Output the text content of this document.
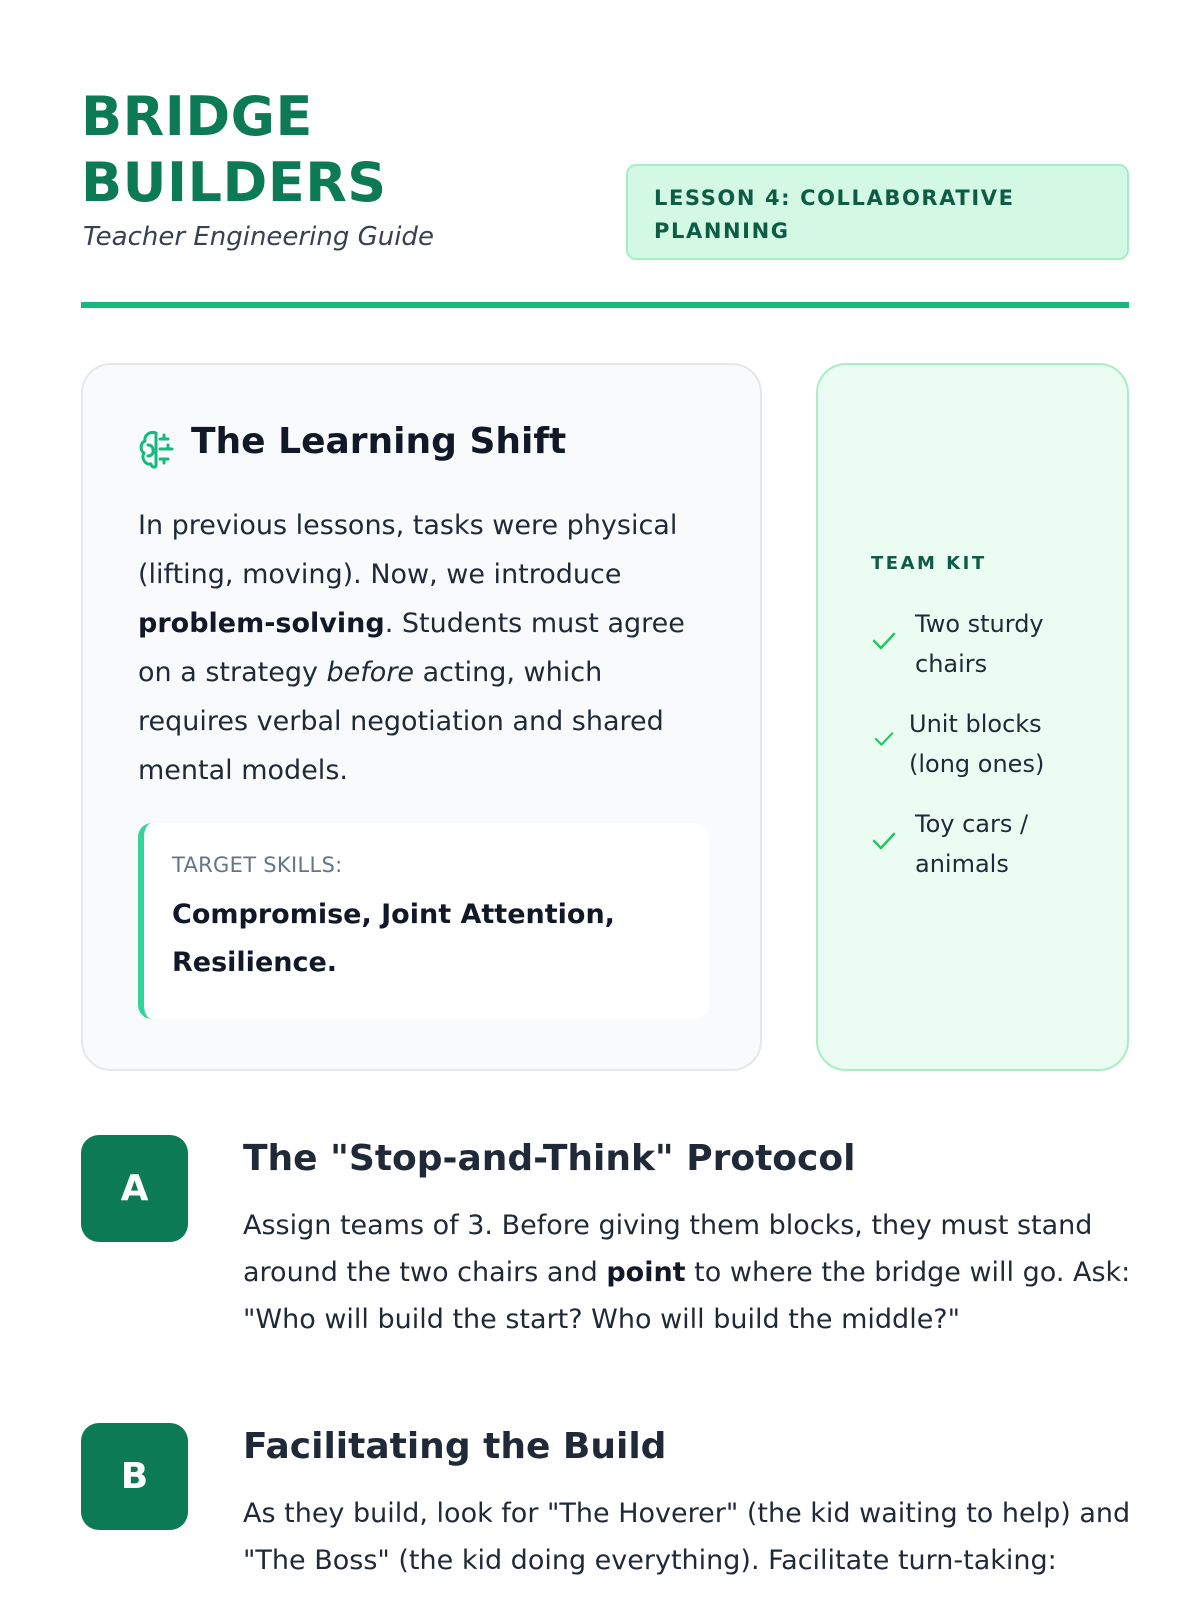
BRIDGE
BUILDERS
Teacher Engineering Guide
LESSON 4: COLLABORATIVE
PLANNING
The Learning Shift
In previous lessons, tasks were physical (lifting, moving). Now, we introduce problem-solving. Students must agree on a strategy before acting, which requires verbal negotiation and shared mental models.
TARGET SKILLS:
Compromise, Joint Attention, Resilience.
TEAM KIT
Two sturdy
chairs
Unit blocks
(long ones)
Toy cars /
animals
A
The "Stop-and-Think" Protocol
Assign teams of 3. Before giving them blocks, they must stand around the two chairs and point to where the bridge will go. Ask: "Who will build the start? Who will build the middle?"
B
Facilitating the Build
As they build, look for "The Hoverer" (the kid waiting to help) and "The Boss" (the kid doing everything). Facilitate turn-taking:
